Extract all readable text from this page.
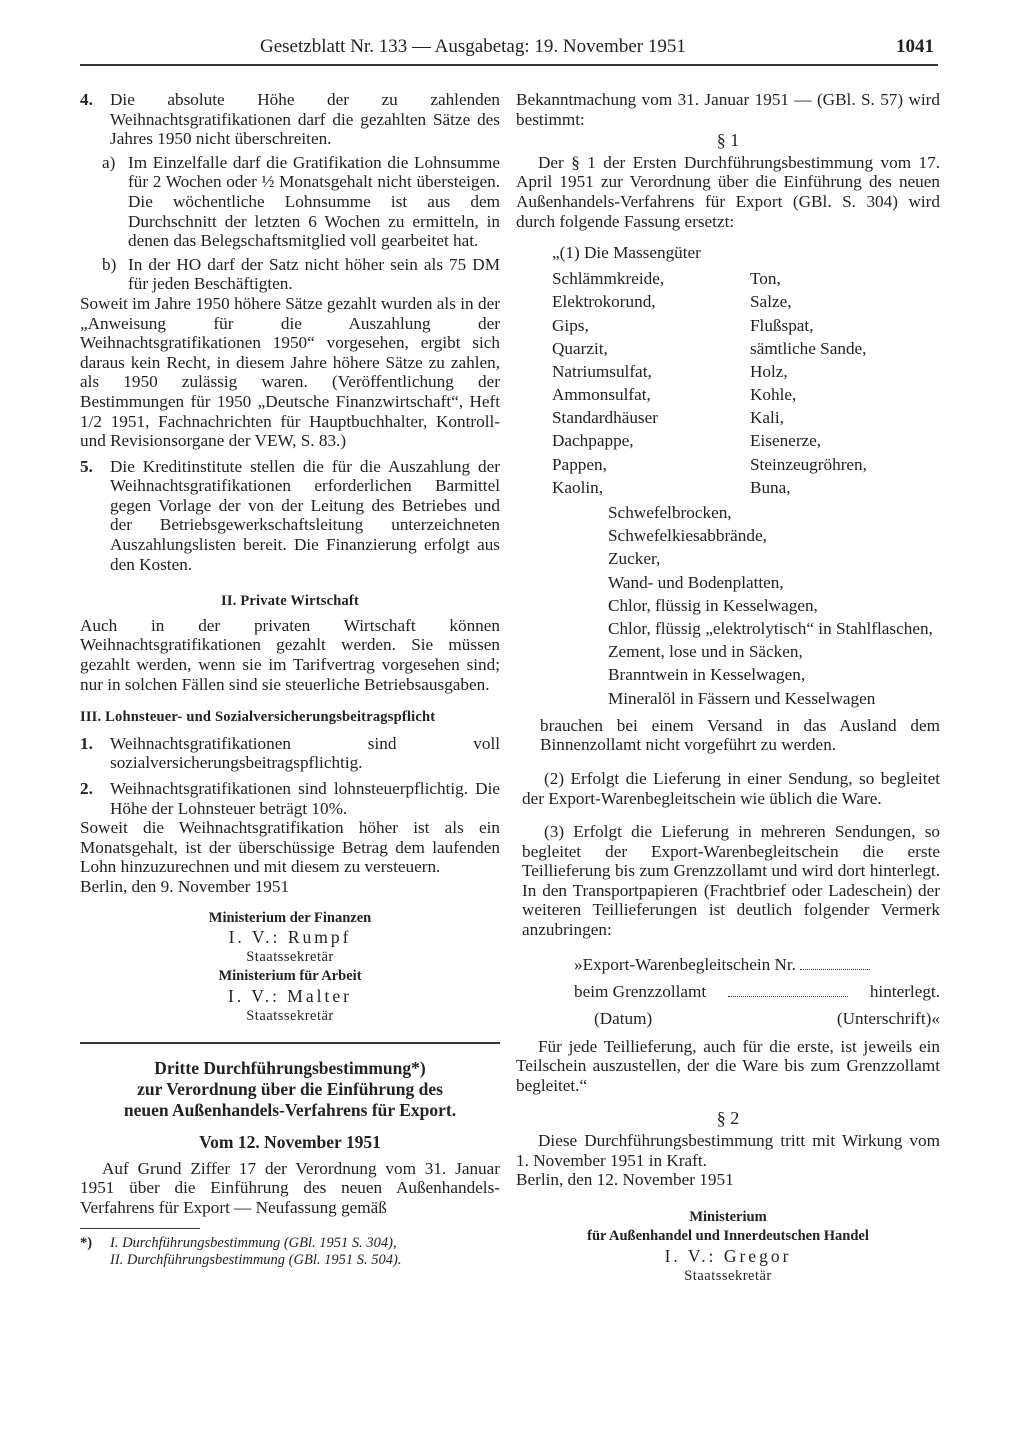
Gesetzblatt Nr. 133 — Ausgabetag: 19. November 1951	1041
4. Die absolute Höhe der zu zahlenden Weihnachtsgratifikationen darf die gezahlten Sätze des Jahres 1950 nicht überschreiten.
a) Im Einzelfalle darf die Gratifikation die Lohnsumme für 2 Wochen oder ½ Monatsgehalt nicht übersteigen. Die wöchentliche Lohnsumme ist aus dem Durchschnitt der letzten 6 Wochen zu ermitteln, in denen das Belegschaftsmitglied voll gearbeitet hat.
b) In der HO darf der Satz nicht höher sein als 75 DM für jeden Beschäftigten.

Soweit im Jahre 1950 höhere Sätze gezahlt wurden als in der „Anweisung für die Auszahlung der Weihnachtsgratifikationen 1950“ vorgesehen, ergibt sich daraus kein Recht, in diesem Jahre höhere Sätze zu zahlen, als 1950 zulässig waren. (Veröffentlichung der Bestimmungen für 1950 „Deutsche Finanzwirtschaft“, Heft 1/2 1951, Fachnachrichten für Hauptbuchhalter, Kontroll- und Revisionsorgane der VEW, S. 83.)

5. Die Kreditinstitute stellen die für die Auszahlung der Weihnachtsgratifikationen erforderlichen Barmittel gegen Vorlage der von der Leitung des Betriebes und der Betriebsgewerkschaftsleitung unterzeichneten Auszahlungslisten bereit. Die Finanzierung erfolgt aus den Kosten.
II. Private Wirtschaft

Auch in der privaten Wirtschaft können Weihnachtsgratifikationen gezahlt werden. Sie müssen gezahlt werden, wenn sie im Tarifvertrag vorgesehen sind; nur in solchen Fällen sind sie steuerliche Betriebsausgaben.

III. Lohnsteuer- und Sozialversicherungsbeitragspflicht
1. Weihnachtsgratifikationen sind voll sozialversicherungsbeitragspflichtig.
2. Weihnachtsgratifikationen sind lohnsteuerpflichtig. Die Höhe der Lohnsteuer beträgt 10%.

Soweit die Weihnachtsgratifikation höher ist als ein Monatsgehalt, ist der überschüssige Betrag dem laufenden Lohn hinzuzurechnen und mit diesem zu versteuern.

Berlin, den 9. November 1951

Ministerium der Finanzen
I. V.: Rumpf
Staatssekretär
Ministerium für Arbeit
I. V.: Malter
Staatssekretär
Dritte Durchführungsbestimmung*)
zur Verordnung über die Einführung des
neuen Außenhandels-Verfahrens für Export.
Vom 12. November 1951

Auf Grund Ziffer 17 der Verordnung vom 31. Januar 1951 über die Einführung des neuen Außenhandels-Verfahrens für Export — Neufassung gemäß

*)	I. Durchführungsbestimmung (GBl. 1951 S. 304),
II. Durchführungsbestimmung (GBl. 1951 S. 504).

Bekanntmachung vom 31. Januar 1951 — (GBl. S. 57) wird bestimmt:

§ 1

Der § 1 der Ersten Durchführungsbestimmung vom 17. April 1951 zur Verordnung über die Einführung des neuen Außenhandels-Verfahrens für Export (GBl. S. 304) wird durch folgende Fassung ersetzt:

„(1) Die Massengüter
Schlämmkreide,	Ton,
Elektrokorund,	Salze,
Gips,	Flußspat,
Quarzit,	sämtliche Sande,
Natriumsulfat,	Holz,
Ammonsulfat,	Kohle,
Standardhäuser	Kali,
Dachpappe,	Eisenerze,
Pappen,	Steinzeugröhren,
Kaolin,	Buna,
Schwefelbrocken,
Schwefelkiesabbrände,
Zucker,
Wand- und Bodenplatten,
Chlor, flüssig in Kesselwagen,
Chlor, flüssig „elektrolytisch“ in Stahlflaschen,
Zement, lose und in Säcken,
Branntwein in Kesselwagen,
Mineralöl in Fässern und Kesselwagen

brauchen bei einem Versand in das Ausland dem Binnenzollamt nicht vorgeführt zu werden.

(2) Erfolgt die Lieferung in einer Sendung, so begleitet der Export-Warenbegleitschein wie üblich die Ware.

(3) Erfolgt die Lieferung in mehreren Sendungen, so begleitet der Export-Warenbegleitschein die erste Teillieferung bis zum Grenzzollamt und wird dort hinterlegt. In den Transportpapieren (Frachtbrief oder Ladeschein) der weiteren Teillieferungen ist deutlich folgender Vermerk anzubringen:

»Export-Warenbegleitschein Nr.
beim Grenzzollamt	hinterlegt.
(Datum)	(Unterschrift)«

Für jede Teillieferung, auch für die erste, ist jeweils ein Teilschein auszustellen, der die Ware bis zum Grenzzollamt begleitet.“

§ 2

Diese Durchführungsbestimmung tritt mit Wirkung vom 1. November 1951 in Kraft.

Berlin, den 12. November 1951

Ministerium
für Außenhandel und Innerdeutschen Handel
I. V.: Gregor
Staatssekretär
